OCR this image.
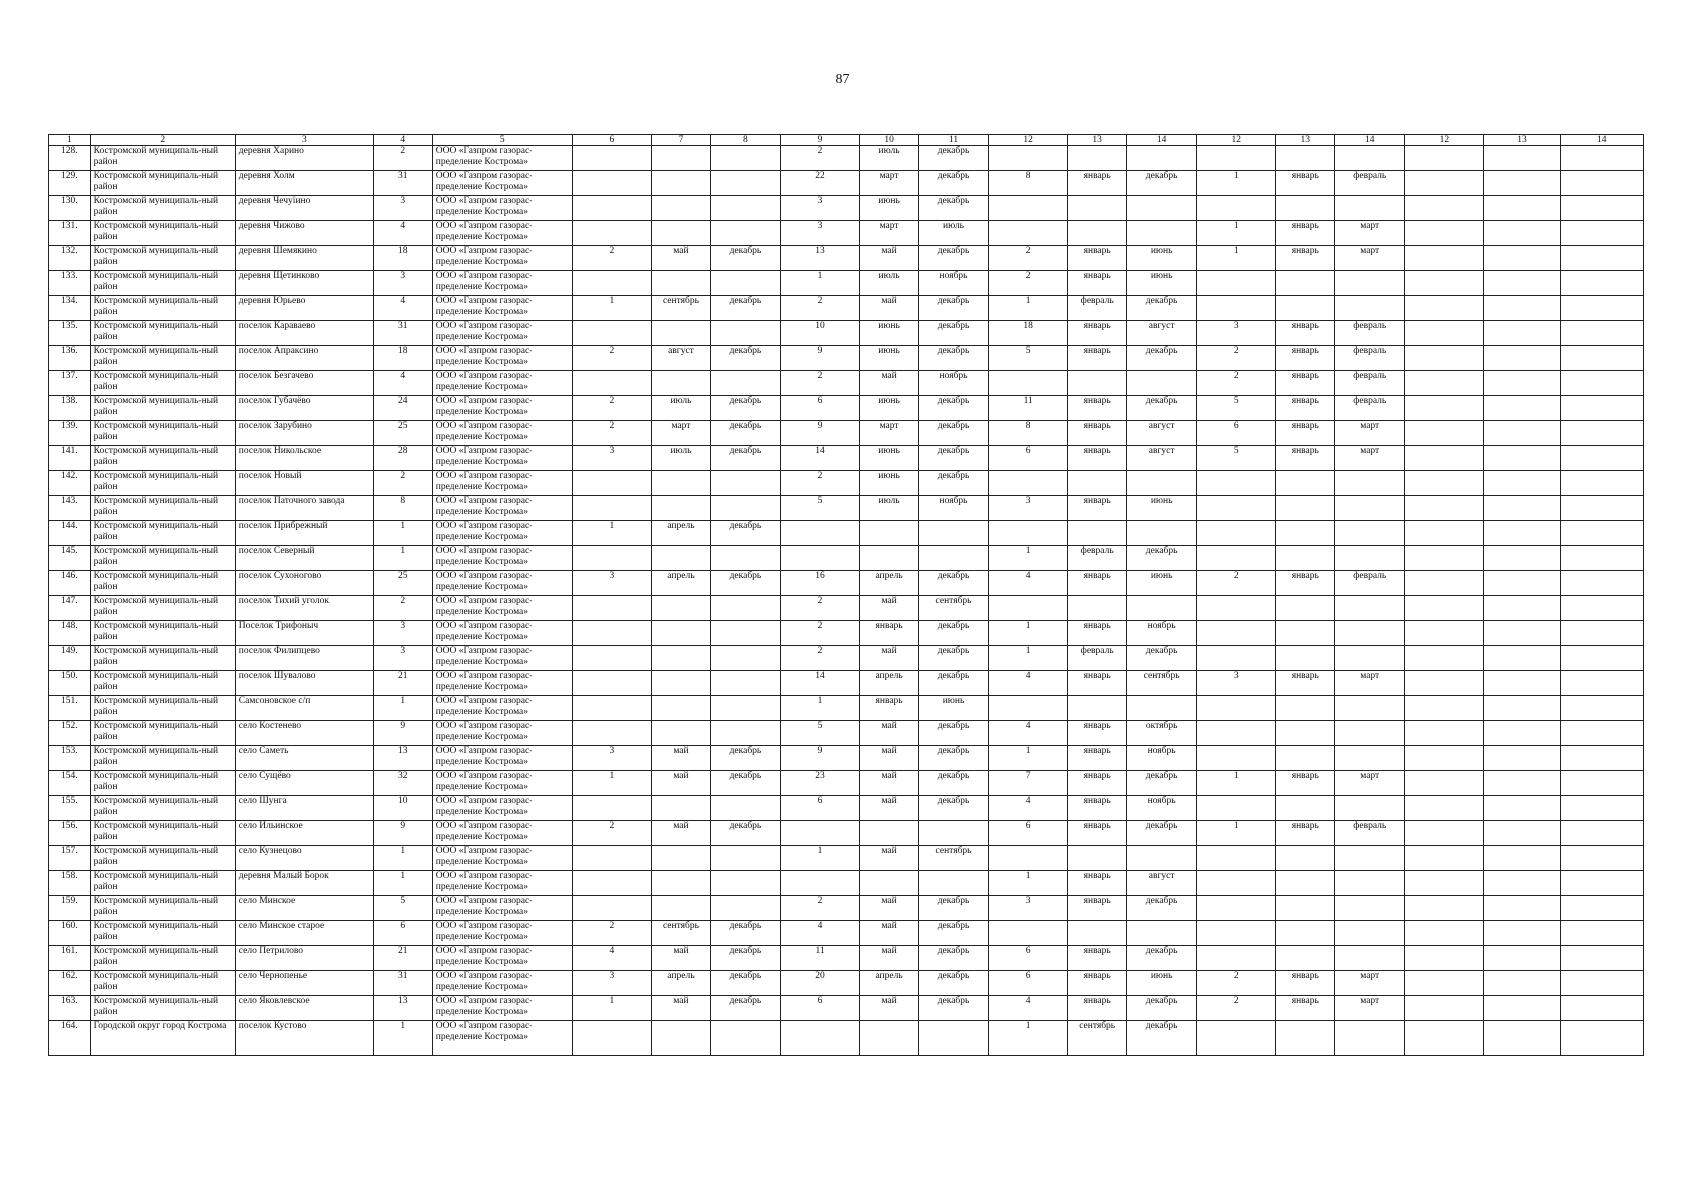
87
1	2	3	4	5	6	7	8	9	10	11	12	13	14	12	13	14	12	13	14
128.	Костромской муниципаль-ный район	деревня Харино	2	ООО «Газпром газорас-пределение Кострома»				2	июль	декабрь									
129.	Костромской муниципаль-ный район	деревня Холм	31	ООО «Газпром газорас-пределение Кострома»				22	март	декабрь	8	январь	декабрь	1	январь	февраль			
130.	Костромской муниципаль-ный район	деревня Чечуїино	3	ООО «Газпром газорас-пределение Кострома»				3	июнь	декабрь									
131.	Костромской муниципаль-ный район	деревня Чижово	4	ООО «Газпром газорас-пределение Кострома»				3	март	июль				1	январь	март			
132.	Костромской муниципаль-ный район	деревня Шемякино	18	ООО «Газпром газорас-пределение Кострома»	2	май	декабрь	13	май	декабрь	2	январь	июнь	1	январь	март			
133.	Костромской муниципаль-ный район	деревня Щетинково	3	ООО «Газпром газорас-пределение Кострома»				1	июль	ноябрь	2	январь	июнь						
134.	Костромской муниципаль-ный район	деревня Юрьево	4	ООО «Газпром газорас-пределение Кострома»	1	сентябрь	декабрь	2	май	декабрь	1	февраль	декабрь						
135.	Костромской муниципаль-ный район	поселок Караваево	31	ООО «Газпром газорас-пределение Кострома»				10	июнь	декабрь	18	январь	август	3	январь	февраль			
136.	Костромской муниципаль-ный район	поселок Апраксино	18	ООО «Газпром газорас-пределение Кострома»	2	август	декабрь	9	июнь	декабрь	5	январь	декабрь	2	январь	февраль			
137.	Костромской муниципаль-ный район	поселок Безгачево	4	ООО «Газпром газорас-пределение Кострома»				2	май	ноябрь				2	январь	февраль			
138.	Костромской муниципаль-ный район	поселок Губачёво	24	ООО «Газпром газорас-пределение Кострома»	2	июль	декабрь	6	июнь	декабрь	11	январь	декабрь	5	январь	февраль			
139.	Костромской муниципаль-ный район	поселок Зарубино	25	ООО «Газпром газорас-пределение Кострома»	2	март	декабрь	9	март	декабрь	8	январь	август	6	январь	март			
141.	Костромской муниципаль-ный район	поселок Никольское	28	ООО «Газпром газорас-пределение Кострома»	3	июль	декабрь	14	июнь	декабрь	6	январь	август	5	январь	март			
142.	Костромской муниципаль-ный район	поселок Новый	2	ООО «Газпром газорас-пределение Кострома»				2	июнь	декабрь									
143.	Костромской муниципаль-ный район	поселок Паточного завода	8	ООО «Газпром газорас-пределение Кострома»				5	июль	ноябрь	3	январь	июнь						
144.	Костромской муниципаль-ный район	поселок Прибрежный	1	ООО «Газпром газорас-пределение Кострома»	1	апрель	декабрь												
145.	Костромской муниципаль-ный район	поселок Северный	1	ООО «Газпром газорас-пределение Кострома»							1	февраль	декабрь						
146.	Костромской муниципаль-ный район	поселок Сухоногово	25	ООО «Газпром газорас-пределение Кострома»	3	апрель	декабрь	16	апрель	декабрь	4	январь	июнь	2	январь	февраль			
147.	Костромской муниципаль-ный район	поселок Тихий уголок	2	ООО «Газпром газорас-пределение Кострома»				2	май	сентябрь									
148.	Костромской муниципаль-ный район	Поселок Трифоныч	3	ООО «Газпром газорас-пределение Кострома»				2	январь	декабрь	1	январь	ноябрь						
149.	Костромской муниципаль-ный район	поселок Филипцево	3	ООО «Газпром газорас-пределение Кострома»				2	май	декабрь	1	февраль	декабрь						
150.	Костромской муниципаль-ный район	поселок Шувалово	21	ООО «Газпром газорас-пределение Кострома»				14	апрель	декабрь	4	январь	сентябрь	3	январь	март			
151.	Костромской муниципаль-ный район	Самсоновское с/п	1	ООО «Газпром газорас-пределение Кострома»				1	январь	июнь									
152.	Костромской муниципаль-ный район	село Костенево	9	ООО «Газпром газорас-пределение Кострома»				5	май	декабрь	4	январь	октябрь						
153.	Костромской муниципаль-ный район	село Саметь	13	ООО «Газпром газорас-пределение Кострома»	3	май	декабрь	9	май	декабрь	1	январь	ноябрь						
154.	Костромской муниципаль-ный район	село Сущёво	32	ООО «Газпром газорас-пределение Кострома»	1	май	декабрь	23	май	декабрь	7	январь	декабрь	1	январь	март			
155.	Костромской муниципаль-ный район	село Шунга	10	ООО «Газпром газорас-пределение Кострома»				6	май	декабрь	4	январь	ноябрь						
156.	Костромской муниципаль-ный район	село Ильинское	9	ООО «Газпром газорас-пределение Кострома»	2	май	декабрь				6	январь	декабрь	1	январь	февраль			
157.	Костромской муниципаль-ный район	село Кузнецово	1	ООО «Газпром газорас-пределение Кострома»				1	май	сентябрь									
158.	Костромской муниципаль-ный район	деревня Малый Борок	1	ООО «Газпром газорас-пределение Кострома»							1	январь	август						
159.	Костромской муниципаль-ный район	село Минское	5	ООО «Газпром газорас-пределение Кострома»				2	май	декабрь	3	январь	декабрь						
160.	Костромской муниципаль-ный район	село Минское старое	6	ООО «Газпром газорас-пределение Кострома»	2	сентябрь	декабрь	4	май	декабрь									
161.	Костромской муниципаль-ный район	село Петрилово	21	ООО «Газпром газорас-пределение Кострома»	4	май	декабрь	11	май	декабрь	6	январь	декабрь						
162.	Костромской муниципаль-ный район	село Чернопенье	31	ООО «Газпром газорас-пределение Кострома»	3	апрель	декабрь	20	апрель	декабрь	6	январь	июнь	2	январь	март			
163.	Костромской муниципаль-ный район	село Яковлевское	13	ООО «Газпром газорас-пределение Кострома»	1	май	декабрь	6	май	декабрь	4	январь	декабрь	2	январь	март			
164.	Городской округ город Кострома	поселок Кустово	1	ООО «Газпром газорас-пределение Кострома»							1	сентябрь	декабрь						
